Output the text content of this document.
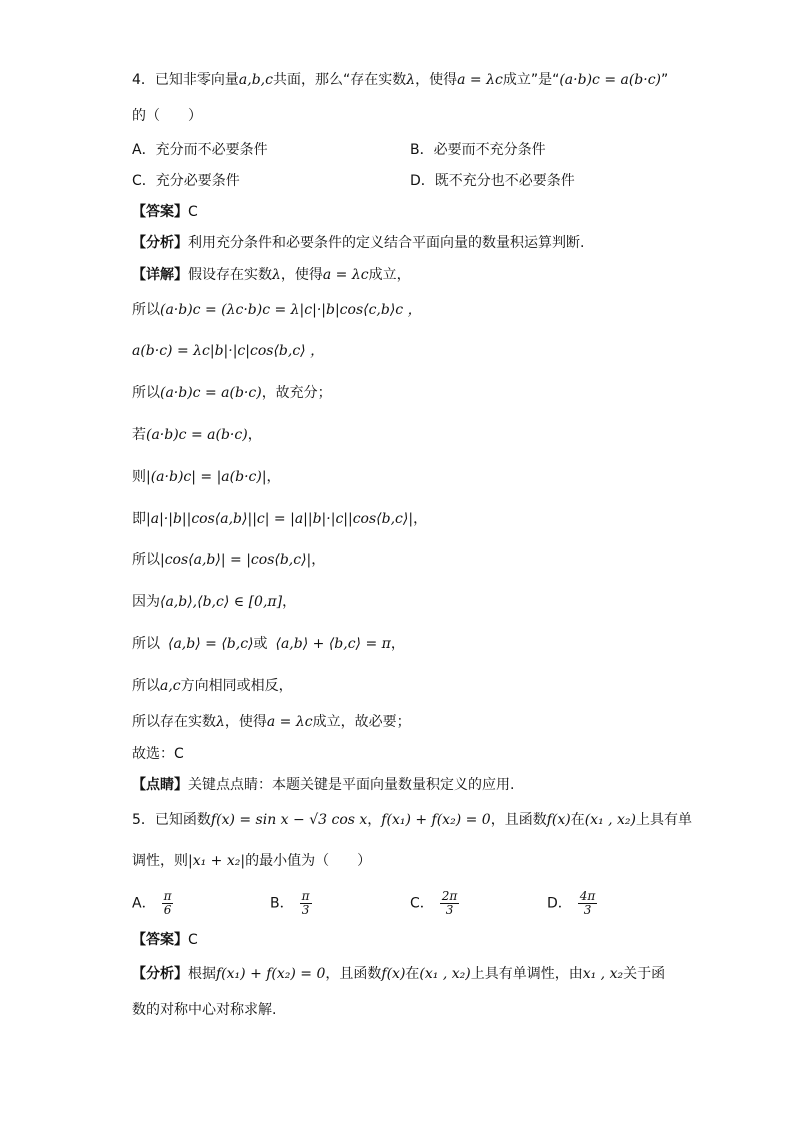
4．已知非零向量a,b,c共面，那么“存在实数λ，使得a = λc成立”是“(a·b)c = a(b·c)”
的（　　）
A．充分而不必要条件	B．必要而不充分条件
C．充分必要条件	D．既不充分也不必要条件
【答案】C
【分析】利用充分条件和必要条件的定义结合平面向量的数量积运算判断.
【详解】假设存在实数λ，使得a = λc成立，
所以(a·b)c = (λc·b)c = λ|c|·|b|cos⟨c,b⟩c ，
a(b·c) = λc|b|·|c|cos⟨b,c⟩ ，
所以(a·b)c = a(b·c)，故充分；
若(a·b)c = a(b·c)，
则|(a·b)c| = |a(b·c)|，
即|a|·|b||cos⟨a,b⟩||c| = |a||b|·|c||cos⟨b,c⟩|，
所以|cos⟨a,b⟩| = |cos⟨b,c⟩|，
因为⟨a,b⟩,⟨b,c⟩ ∈ [0,π]，
所以 ⟨a,b⟩ = ⟨b,c⟩或 ⟨a,b⟩ + ⟨b,c⟩ = π，
所以a,c方向相同或相反，
所以存在实数λ，使得a = λc成立，故必要；
故选：C
【点睛】关键点点睛：本题关键是平面向量数量积定义的应用.
5．已知函数f(x) = sin x − √3 cos x，f(x₁) + f(x₂) = 0，且函数f(x)在(x₁ , x₂)上具有单
调性，则|x₁ + x₂|的最小值为（　　）
A． $\frac{\pi}{6}$	B． $\frac{\pi}{3}$	C． $\frac{2\pi}{3}$	D． $\frac{4\pi}{3}$
【答案】C
【分析】根据f(x₁) + f(x₂) = 0，且函数f(x)在(x₁ , x₂)上具有单调性，由x₁ , x₂关于函
数的对称中心对称求解.
